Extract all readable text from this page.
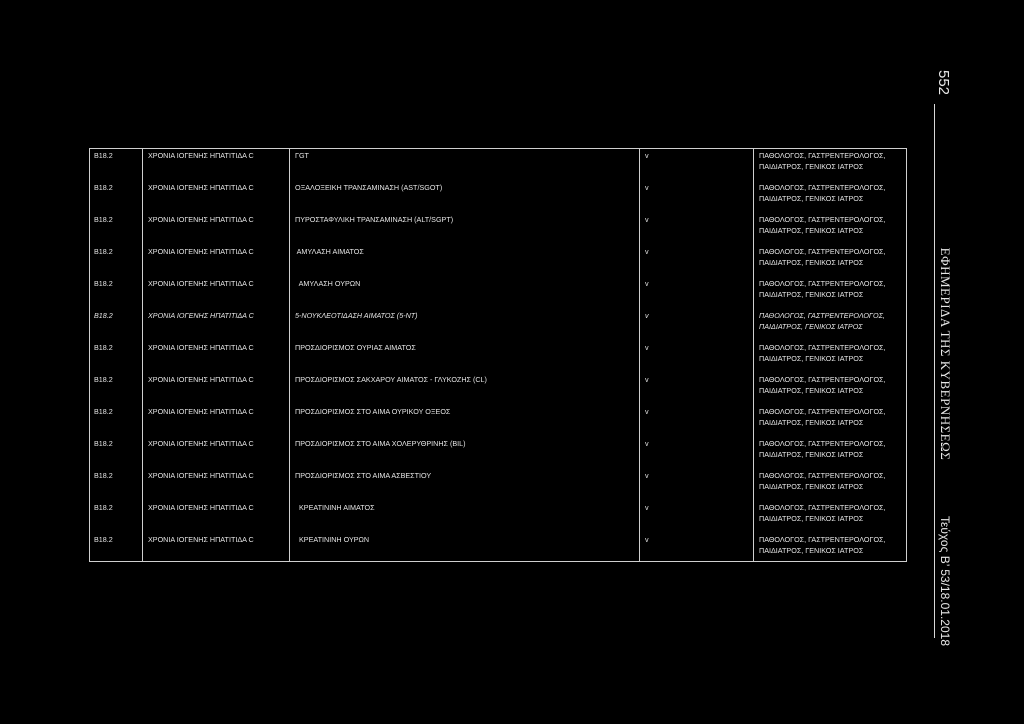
B18.2	ΧΡΟΝΙΑ ΙΟΓΕΝΗΣ ΗΠΑΤΙΤΙΔΑ C	ΓGT	v	ΠΑΘΟΛΟΓΟΣ, ΓΑΣΤΡΕΝΤΕΡΟΛΟΓΟΣ,
ΠΑΙΔΙΑΤΡΟΣ, ΓΕΝΙΚΟΣ ΙΑΤΡΟΣ
B18.2	ΧΡΟΝΙΑ ΙΟΓΕΝΗΣ ΗΠΑΤΙΤΙΔΑ C	ΟΞΑΛΟΞΕΙΚΗ ΤΡΑΝΣΑΜΙΝΑΣΗ (AST/SGOT)	v	ΠΑΘΟΛΟΓΟΣ, ΓΑΣΤΡΕΝΤΕΡΟΛΟΓΟΣ,
ΠΑΙΔΙΑΤΡΟΣ, ΓΕΝΙΚΟΣ ΙΑΤΡΟΣ
B18.2	ΧΡΟΝΙΑ ΙΟΓΕΝΗΣ ΗΠΑΤΙΤΙΔΑ C	ΠΥΡΟΣΤΑΦΥΛΙΚΗ ΤΡΑΝΣΑΜΙΝΑΣΗ (ALT/SGPT)	v	ΠΑΘΟΛΟΓΟΣ, ΓΑΣΤΡΕΝΤΕΡΟΛΟΓΟΣ,
ΠΑΙΔΙΑΤΡΟΣ, ΓΕΝΙΚΟΣ ΙΑΤΡΟΣ
B18.2	ΧΡΟΝΙΑ ΙΟΓΕΝΗΣ ΗΠΑΤΙΤΙΔΑ C	ΑΜΥΛΑΣΗ ΑΙΜΑΤΟΣ	v	ΠΑΘΟΛΟΓΟΣ, ΓΑΣΤΡΕΝΤΕΡΟΛΟΓΟΣ,
ΠΑΙΔΙΑΤΡΟΣ, ΓΕΝΙΚΟΣ ΙΑΤΡΟΣ
B18.2	ΧΡΟΝΙΑ ΙΟΓΕΝΗΣ ΗΠΑΤΙΤΙΔΑ C	ΑΜΥΛΑΣΗ ΟΥΡΩΝ	v	ΠΑΘΟΛΟΓΟΣ, ΓΑΣΤΡΕΝΤΕΡΟΛΟΓΟΣ,
ΠΑΙΔΙΑΤΡΟΣ, ΓΕΝΙΚΟΣ ΙΑΤΡΟΣ
B18.2	ΧΡΟΝΙΑ ΙΟΓΕΝΗΣ ΗΠΑΤΙΤΙΔΑ C	5-ΝΟΥΚΛΕΟΤΙΔΑΣΗ ΑΙΜΑΤΟΣ (5-NT)	v	ΠΑΘΟΛΟΓΟΣ, ΓΑΣΤΡΕΝΤΕΡΟΛΟΓΟΣ,
ΠΑΙΔΙΑΤΡΟΣ, ΓΕΝΙΚΟΣ ΙΑΤΡΟΣ
B18.2	ΧΡΟΝΙΑ ΙΟΓΕΝΗΣ ΗΠΑΤΙΤΙΔΑ C	ΠΡΟΣΔΙΟΡΙΣΜΟΣ ΟΥΡΙΑΣ ΑΙΜΑΤΟΣ	v	ΠΑΘΟΛΟΓΟΣ, ΓΑΣΤΡΕΝΤΕΡΟΛΟΓΟΣ,
ΠΑΙΔΙΑΤΡΟΣ, ΓΕΝΙΚΟΣ ΙΑΤΡΟΣ
B18.2	ΧΡΟΝΙΑ ΙΟΓΕΝΗΣ ΗΠΑΤΙΤΙΔΑ C	ΠΡΟΣΔΙΟΡΙΣΜΟΣ ΣΑΚΧΑΡΟΥ ΑΙΜΑΤΟΣ - ΓΛΥΚΟΖΗΣ (CL)	v	ΠΑΘΟΛΟΓΟΣ, ΓΑΣΤΡΕΝΤΕΡΟΛΟΓΟΣ,
ΠΑΙΔΙΑΤΡΟΣ, ΓΕΝΙΚΟΣ ΙΑΤΡΟΣ
B18.2	ΧΡΟΝΙΑ ΙΟΓΕΝΗΣ ΗΠΑΤΙΤΙΔΑ C	ΠΡΟΣΔΙΟΡΙΣΜΟΣ ΣΤΟ ΑΙΜΑ ΟΥΡΙΚΟΥ ΟΞΕΟΣ	v	ΠΑΘΟΛΟΓΟΣ, ΓΑΣΤΡΕΝΤΕΡΟΛΟΓΟΣ,
ΠΑΙΔΙΑΤΡΟΣ, ΓΕΝΙΚΟΣ ΙΑΤΡΟΣ
B18.2	ΧΡΟΝΙΑ ΙΟΓΕΝΗΣ ΗΠΑΤΙΤΙΔΑ C	ΠΡΟΣΔΙΟΡΙΣΜΟΣ ΣΤΟ ΑΙΜΑ ΧΟΛΕΡΥΘΡΙΝΗΣ (BIL)	v	ΠΑΘΟΛΟΓΟΣ, ΓΑΣΤΡΕΝΤΕΡΟΛΟΓΟΣ,
ΠΑΙΔΙΑΤΡΟΣ, ΓΕΝΙΚΟΣ ΙΑΤΡΟΣ
B18.2	ΧΡΟΝΙΑ ΙΟΓΕΝΗΣ ΗΠΑΤΙΤΙΔΑ C	ΠΡΟΣΔΙΟΡΙΣΜΟΣ ΣΤΟ ΑΙΜΑ ΑΣΒΕΣΤΙΟΥ	v	ΠΑΘΟΛΟΓΟΣ, ΓΑΣΤΡΕΝΤΕΡΟΛΟΓΟΣ,
ΠΑΙΔΙΑΤΡΟΣ, ΓΕΝΙΚΟΣ ΙΑΤΡΟΣ
B18.2	ΧΡΟΝΙΑ ΙΟΓΕΝΗΣ ΗΠΑΤΙΤΙΔΑ C	ΚΡΕΑΤΙΝΙΝΗ ΑΙΜΑΤΟΣ	v	ΠΑΘΟΛΟΓΟΣ, ΓΑΣΤΡΕΝΤΕΡΟΛΟΓΟΣ,
ΠΑΙΔΙΑΤΡΟΣ, ΓΕΝΙΚΟΣ ΙΑΤΡΟΣ
B18.2	ΧΡΟΝΙΑ ΙΟΓΕΝΗΣ ΗΠΑΤΙΤΙΔΑ C	ΚΡΕΑΤΙΝΙΝΗ ΟΥΡΩΝ	v	ΠΑΘΟΛΟΓΟΣ, ΓΑΣΤΡΕΝΤΕΡΟΛΟΓΟΣ,
ΠΑΙΔΙΑΤΡΟΣ, ΓΕΝΙΚΟΣ ΙΑΤΡΟΣ
552
ΕΦΗΜΕΡΙΔΑ ΤΗΣ ΚΥΒΕΡΝΗΣΕΩΣ
Τεύχος Β’ 53/18.01.2018
